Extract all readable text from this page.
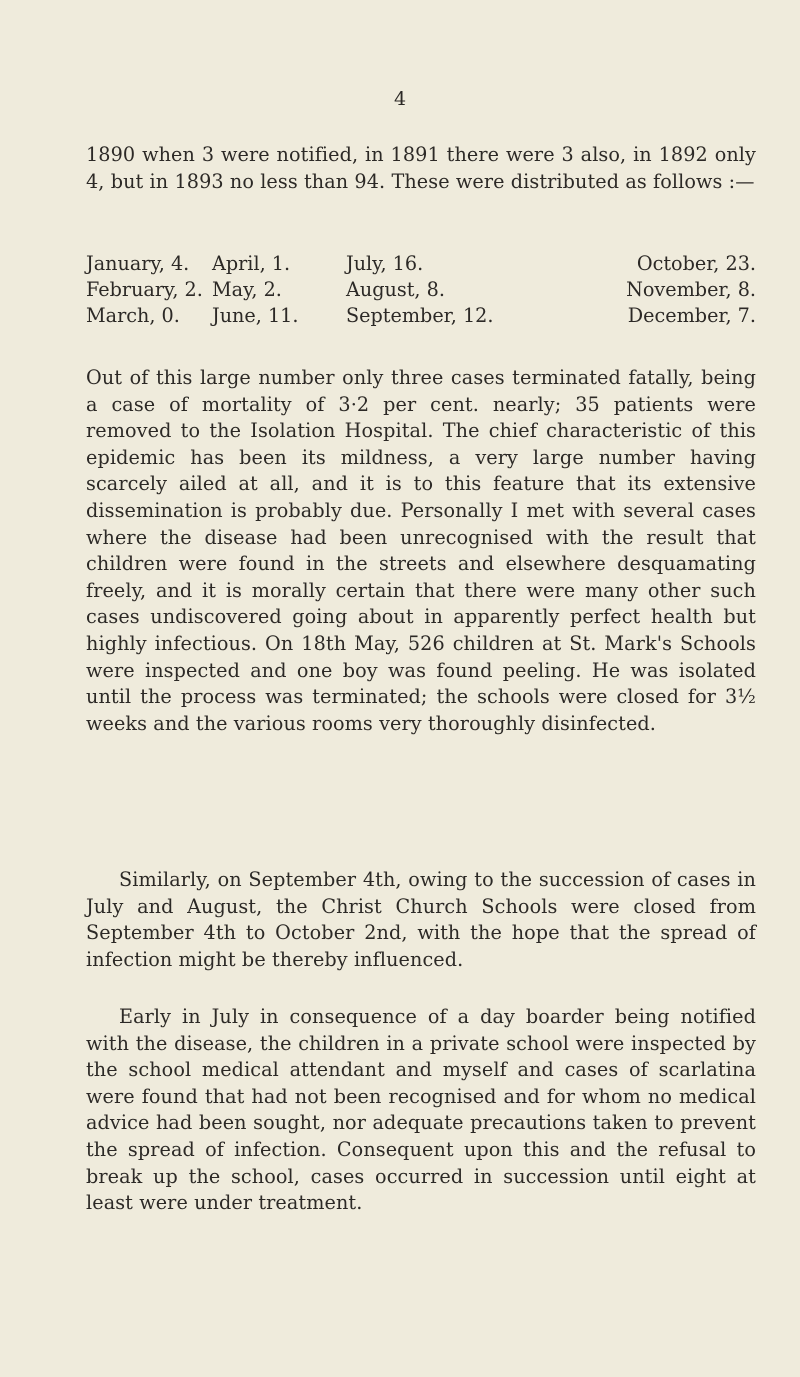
4

1890 when 3 were notified, in 1891 there were 3 also, in 1892 only 4, but in 1893 no less than 94. These were distributed as follows :—

January, 4. April, 1.	July, 16.	October, 23.
February, 2. May, 2.	August, 8.	November, 8.
March, 0. June, 11. September, 12.	December, 7.

Out of this large number only three cases terminated fatally, being a case of mortality of 3·2 per cent. nearly; 35 patients were removed to the Isolation Hospital. The chief characteristic of this epidemic has been its mildness, a very large number having scarcely ailed at all, and it is to this feature that its extensive dissemination is probably due. Personally I met with several cases where the disease had been unrecognised with the result that children were found in the streets and elsewhere desquamating freely, and it is morally certain that there were many other such cases undiscovered going about in apparently perfect health but highly infectious. On 18th May, 526 children at St. Mark's Schools were inspected and one boy was found peeling. He was isolated until the process was terminated; the schools were closed for 3½ weeks and the various rooms very thoroughly disinfected.

Similarly, on September 4th, owing to the succession of cases in July and August, the Christ Church Schools were closed from September 4th to October 2nd, with the hope that the spread of infection might be thereby influenced.

Early in July in consequence of a day boarder being notified with the disease, the children in a private school were inspected by the school medical attendant and myself and cases of scarlatina were found that had not been recognised and for whom no medical advice had been sought, nor adequate precautions taken to prevent the spread of infection. Consequent upon this and the refusal to break up the school, cases occurred in succession until eight at least were under treatment.
